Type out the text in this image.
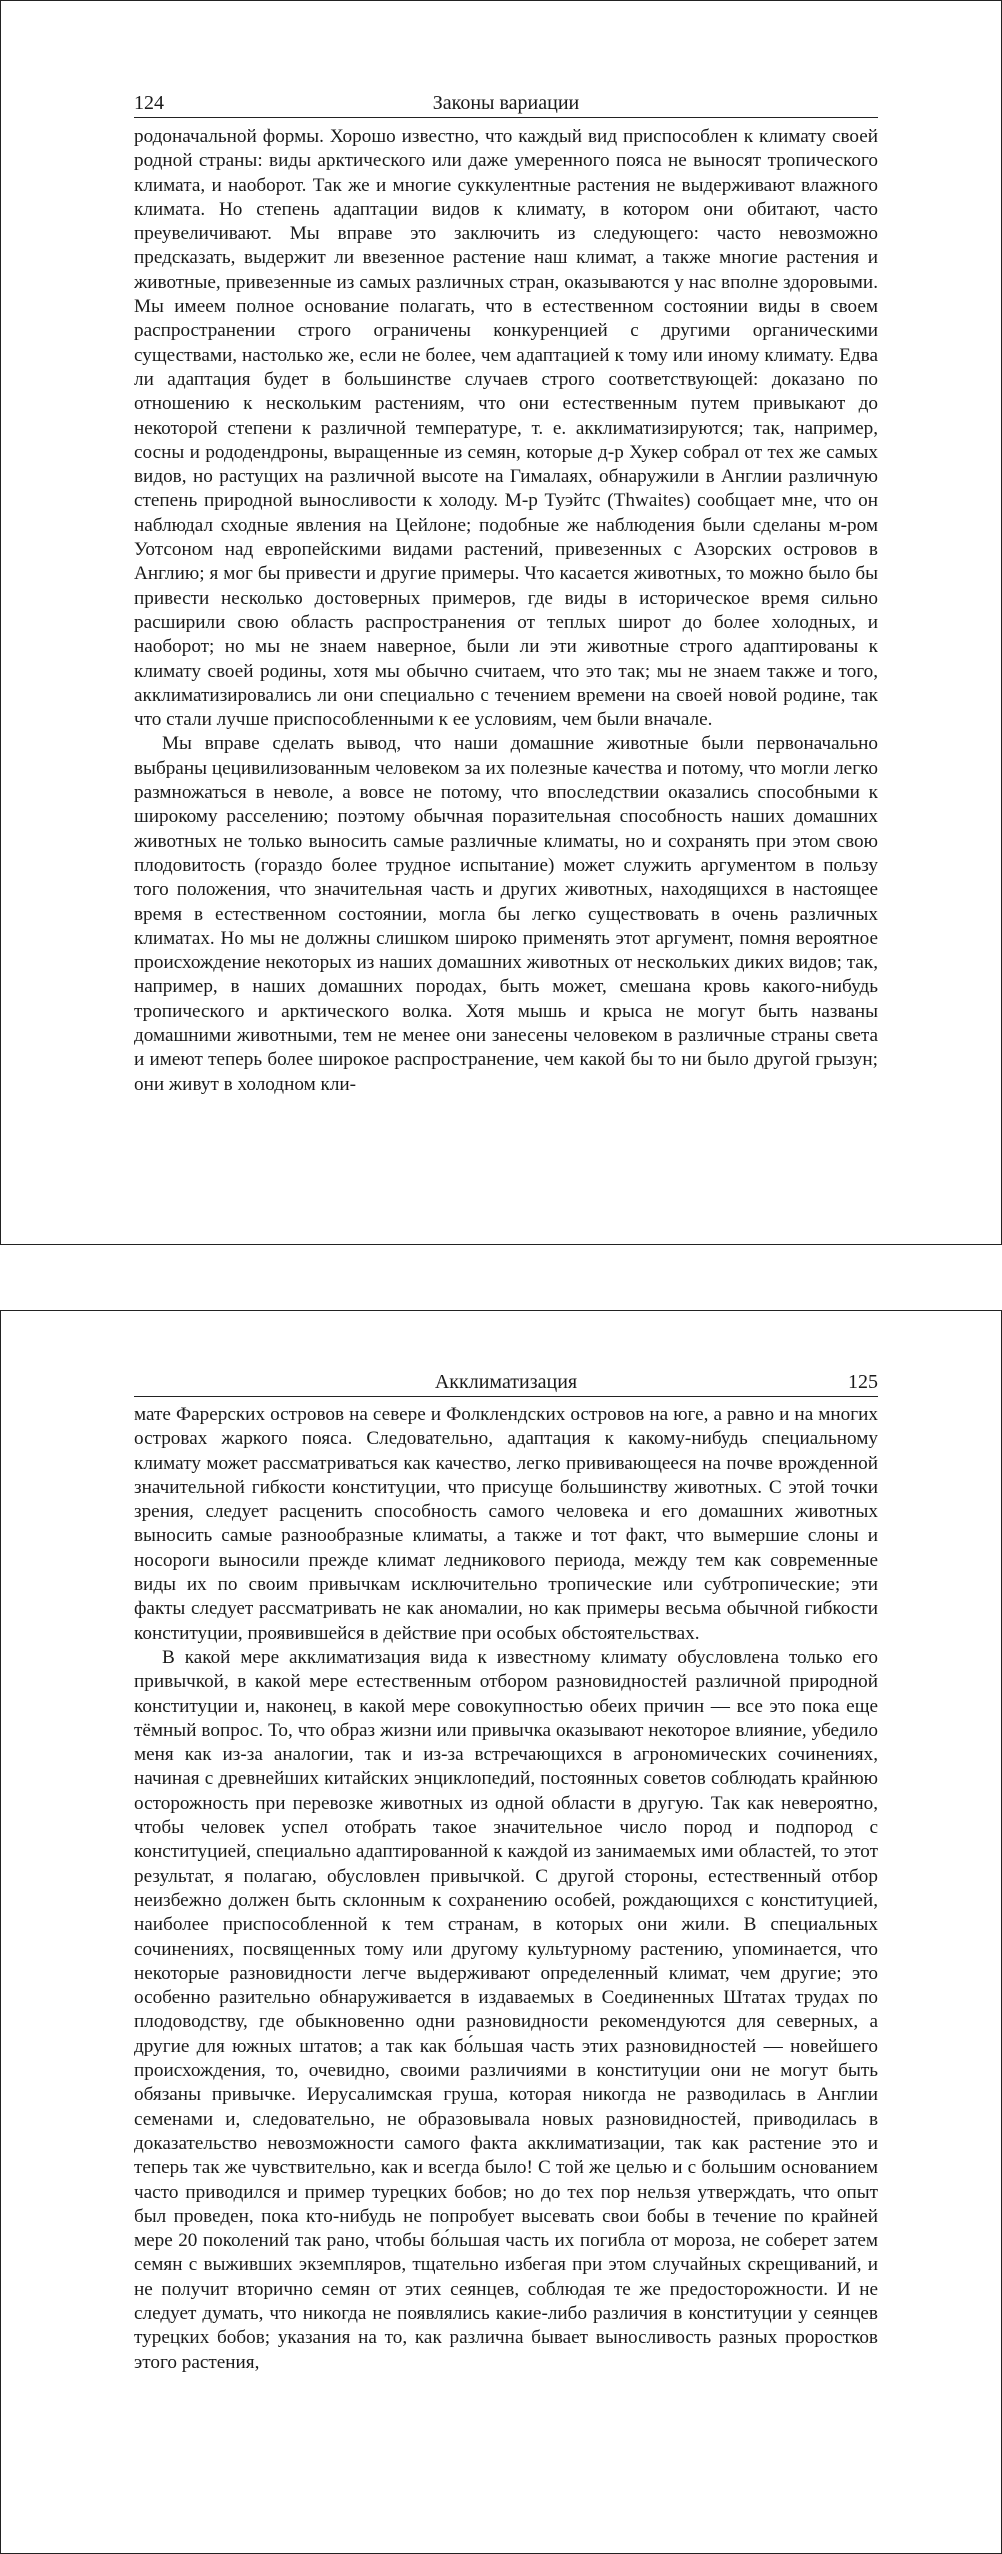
Законы вариации
124

родоначальной формы. Хорошо известно, что каждый вид приспособлен к климату своей родной страны: виды арктического или даже умеренного пояса не выносят тропического климата, и наоборот. Так же и многие суккулентные растения не выдерживают влажного климата. Но степень адаптации видов к климату, в котором они обитают, часто преувеличивают. Мы вправе это заключить из следующего: часто невозможно предсказать, выдержит ли ввезенное растение наш климат, а также многие растения и животные, привезенные из самых различных стран, оказываются у нас вполне здоровыми. Мы имеем полное основание полагать, что в естественном состоянии виды в своем распространении строго ограничены конкуренцией с другими органическими существами, настолько же, если не более, чем адаптацией к тому или иному климату. Едва ли адаптация будет в большинстве случаев строго соответствующей: доказано по отношению к нескольким растениям, что они естественным путем привыкают до некоторой степени к различной температуре, т. е. акклиматизируются; так, например, сосны и рододендроны, выращенные из семян, которые д-р Хукер собрал от тех же самых видов, но растущих на различной высоте на Гималаях, обнаружили в Англии различную степень природной выносливости к холоду. М-р Туэйтс (Thwaites) сообщает мне, что он наблюдал сходные явления на Цейлоне; подобные же наблюдения были сделаны м-ром Уотсоном над европейскими видами растений, привезенных с Азорских островов в Англию; я мог бы привести и другие примеры. Что касается животных, то можно было бы привести несколько достоверных примеров, где виды в историческое время сильно расширили свою область распространения от теплых широт до более холодных, и наоборот; но мы не знаем наверное, были ли эти животные строго адаптированы к климату своей родины, хотя мы обычно считаем, что это так; мы не знаем также и того, акклиматизировались ли они специально с течением времени на своей новой родине, так что стали лучше приспособленными к ее условиям, чем были вначале.

Мы вправе сделать вывод, что наши домашние животные были первоначально выбраны цецивилизованным человеком за их полезные качества и потому, что могли легко размножаться в неволе, а вовсе не потому, что впоследствии оказались способными к широкому расселению; поэтому обычная поразительная способность наших домашних животных не только выносить самые различные климаты, но и сохранять при этом свою плодовитость (гораздо более трудное испытание) может служить аргументом в пользу того положения, что значительная часть и других животных, находящихся в настоящее время в естественном состоянии, могла бы легко существовать в очень различных климатах. Но мы не должны слишком широко применять этот аргумент, помня вероятное происхождение некоторых из наших домашних животных от нескольких диких видов; так, например, в наших домашних породах, быть может, смешана кровь какого-нибудь тропического и арктического волка. Хотя мышь и крыса не могут быть названы домашними животными, тем не менее они занесены человеком в различные страны света и имеют теперь более широкое распространение, чем какой бы то ни было другой грызун; они живут в холодном кли-

Акклиматизация	125

мате Фарерских островов на севере и Фолклендских островов на юге, а равно и на многих островах жаркого пояса. Следовательно, адаптация к какому-нибудь специальному климату может рассматриваться как качество, легко прививающееся на почве врожденной значительной гибкости конституции, что присуще большинству животных. С этой точки зрения, следует расценить способность самого человека и его домашних животных выносить самые разнообразные климаты, а также и тот факт, что вымершие слоны и носороги выносили прежде климат ледникового периода, между тем как современные виды их по своим привычкам исключительно тропические или субтропические; эти факты следует рассматривать не как аномалии, но как примеры весьма обычной гибкости конституции, проявившейся в действие при особых обстоятельствах.

В какой мере акклиматизация вида к известному климату обусловлена только его привычкой, в какой мере естественным отбором разновидностей различной природной конституции и, наконец, в какой мере совокупностью обеих причин — все это пока еще тёмный вопрос. То, что образ жизни или привычка оказывают некоторое влияние, убедило меня как из-за аналогии, так и из-за встречающихся в агрономических сочинениях, начиная с древнейших китайских энциклопедий, постоянных советов соблюдать крайнюю осторожность при перевозке животных из одной области в другую. Так как невероятно, чтобы человек успел отобрать такое значительное число пород и подпород с конституцией, специально адаптированной к каждой из занимаемых ими областей, то этот результат, я полагаю, обусловлен привычкой. С другой стороны, естественный отбор неизбежно должен быть склонным к сохранению особей, рождающихся с конституцией, наиболее приспособленной к тем странам, в которых они жили. В специальных сочинениях, посвященных тому или другому культурному растению, упоминается, что некоторые разновидности легче выдерживают определенный климат, чем другие; это особенно разительно обнаруживается в издаваемых в Соединенных Штатах трудах по плодоводству, где обыкновенно одни разновидности рекомендуются для северных, а другие для южных штатов; а так как бо́льшая часть этих разновидностей — новейшего происхождения, то, очевидно, своими различиями в конституции они не могут быть обязаны привычке. Иерусалимская груша, которая никогда не разводилась в Англии семенами и, следовательно, не образовывала новых разновидностей, приводилась в доказательство невозможности самого факта акклиматизации, так как растение это и теперь так же чувствительно, как и всегда было! С той же целью и с большим основанием часто приводился и пример турецких бобов; но до тех пор нельзя утверждать, что опыт был проведен, пока кто-нибудь не попробует высевать свои бобы в течение по крайней мере 20 поколений так рано, чтобы бо́льшая часть их погибла от мороза, не соберет затем семян с выживших экземпляров, тщательно избегая при этом случайных скрещиваний, и не получит вторично семян от этих сеянцев, соблюдая те же предосторожности. И не следует думать, что никогда не появлялись какие-либо различия в конституции у сеянцев турецких бобов; указания на то, как различна бывает выносливость разных проростков этого растения,
